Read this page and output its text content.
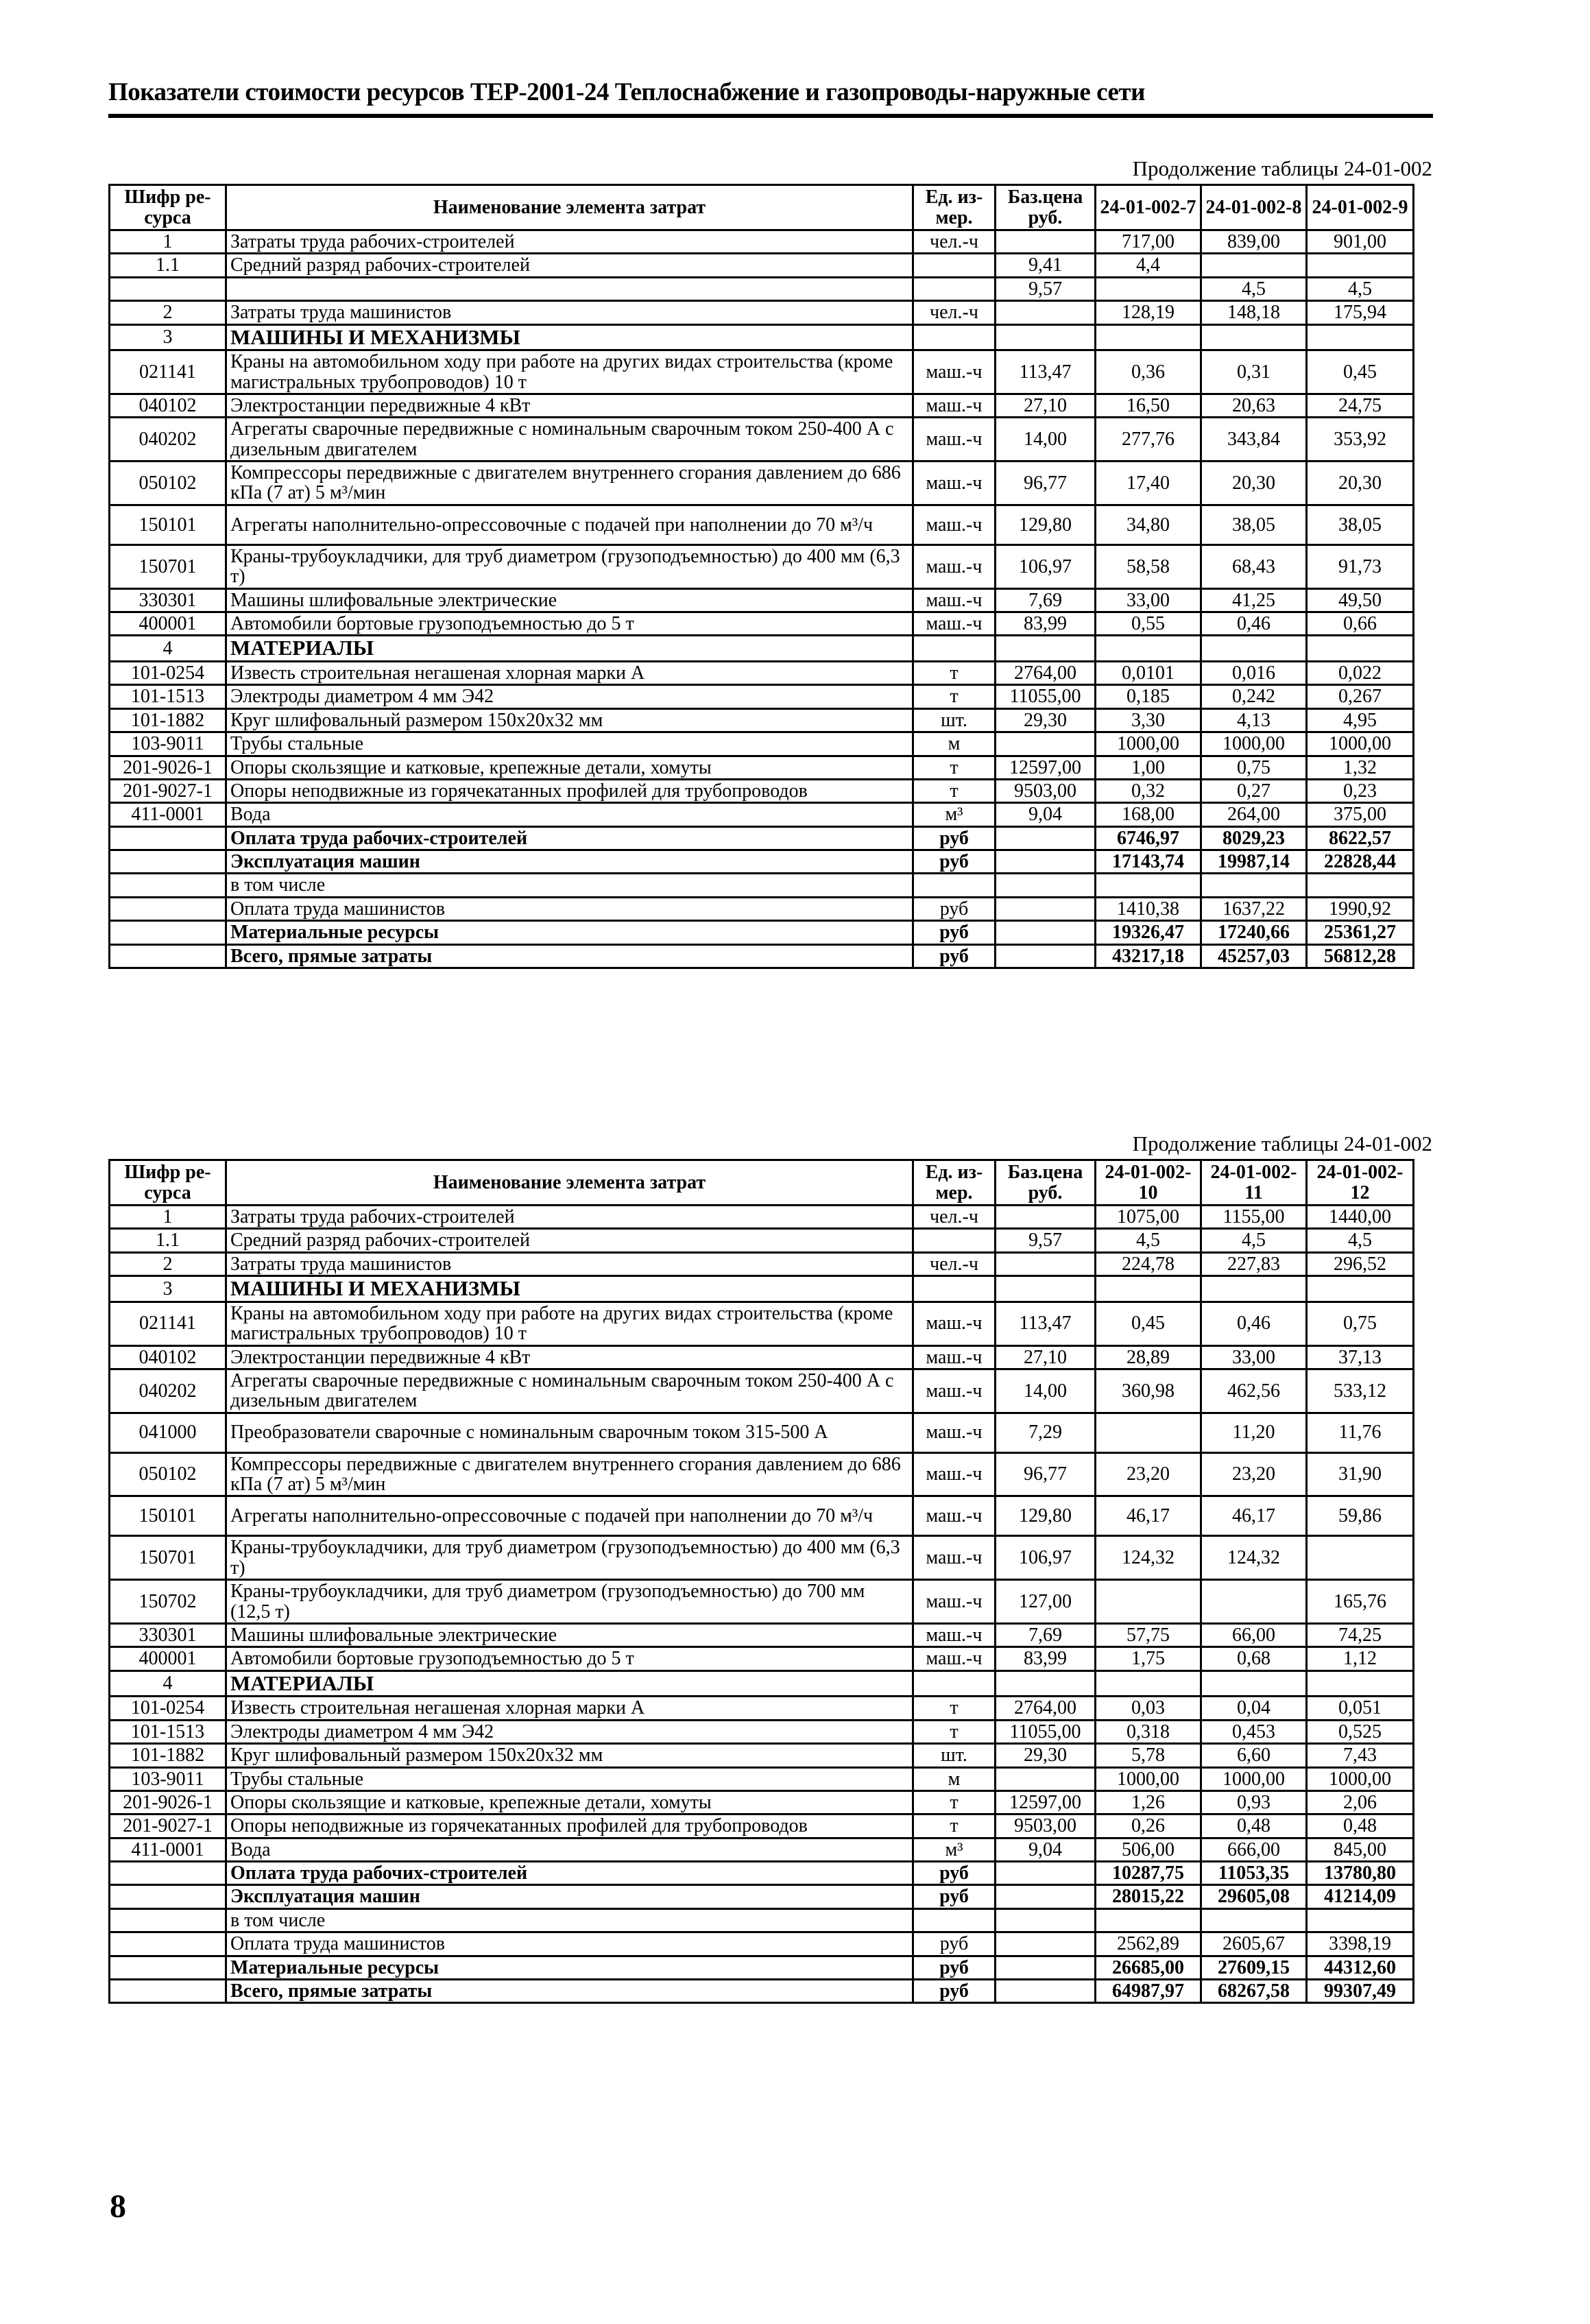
Показатели стоимости ресурсов ТЕР-2001-24 Теплоснабжение и газопроводы-наружные сети
Продолжение таблицы 24-01-002
Шифр ре-сурса	Наименование элемента затрат	Ед. из-мер.	Баз.цена руб.	24-01-002-7	24-01-002-8	24-01-002-9
1	Затраты труда рабочих-строителей	чел.-ч		717,00	839,00	901,00
1.1	Средний разряд рабочих-строителей		9,41	4,4		
			9,57		4,5	4,5
2	Затраты труда машинистов	чел.-ч		128,19	148,18	175,94
3	МАШИНЫ И МЕХАНИЗМЫ					
021141	Краны на автомобильном ходу при работе на других видах строительства (кроме магистральных трубопроводов) 10 т	маш.-ч	113,47	0,36	0,31	0,45
040102	Электростанции передвижные 4 кВт	маш.-ч	27,10	16,50	20,63	24,75
040202	Агрегаты сварочные передвижные с номинальным сварочным током 250-400 А с дизельным двигателем	маш.-ч	14,00	277,76	343,84	353,92
050102	Компрессоры передвижные с двигателем внутреннего сгорания давлением до 686 кПа (7 ат) 5 м³/мин	маш.-ч	96,77	17,40	20,30	20,30
150101	Агрегаты наполнительно-опрессовочные с подачей при наполнении до 70 м³/ч	маш.-ч	129,80	34,80	38,05	38,05
150701	Краны-трубоукладчики, для труб диаметром (грузоподъемностью) до 400 мм (6,3 т)	маш.-ч	106,97	58,58	68,43	91,73
330301	Машины шлифовальные электрические	маш.-ч	7,69	33,00	41,25	49,50
400001	Автомобили бортовые грузоподъемностью до 5 т	маш.-ч	83,99	0,55	0,46	0,66
4	МАТЕРИАЛЫ					
101-0254	Известь строительная негашеная хлорная марки А	т	2764,00	0,0101	0,016	0,022
101-1513	Электроды диаметром 4 мм Э42	т	11055,00	0,185	0,242	0,267
101-1882	Круг шлифовальный размером 150х20х32 мм	шт.	29,30	3,30	4,13	4,95
103-9011	Трубы стальные	м		1000,00	1000,00	1000,00
201-9026-1	Опоры скользящие и катковые, крепежные детали, хомуты	т	12597,00	1,00	0,75	1,32
201-9027-1	Опоры неподвижные из горячекатанных профилей для трубопроводов	т	9503,00	0,32	0,27	0,23
411-0001	Вода	м³	9,04	168,00	264,00	375,00
	Оплата труда рабочих-строителей	руб		6746,97	8029,23	8622,57
	Эксплуатация машин	руб		17143,74	19987,14	22828,44
	в том числе					
	Оплата труда машинистов	руб		1410,38	1637,22	1990,92
	Материальные ресурсы	руб		19326,47	17240,66	25361,27
	Всего, прямые затраты	руб		43217,18	45257,03	56812,28
Продолжение таблицы 24-01-002
Шифр ре-сурса	Наименование элемента затрат	Ед. из-мер.	Баз.цена руб.	24-01-002-10	24-01-002-11	24-01-002-12
1	Затраты труда рабочих-строителей	чел.-ч		1075,00	1155,00	1440,00
1.1	Средний разряд рабочих-строителей		9,57	4,5	4,5	4,5
2	Затраты труда машинистов	чел.-ч		224,78	227,83	296,52
3	МАШИНЫ И МЕХАНИЗМЫ					
021141	Краны на автомобильном ходу при работе на других видах строительства (кроме магистральных трубопроводов) 10 т	маш.-ч	113,47	0,45	0,46	0,75
040102	Электростанции передвижные 4 кВт	маш.-ч	27,10	28,89	33,00	37,13
040202	Агрегаты сварочные передвижные с номинальным сварочным током 250-400 А с дизельным двигателем	маш.-ч	14,00	360,98	462,56	533,12
041000	Преобразователи сварочные с номинальным сварочным током 315-500 А	маш.-ч	7,29		11,20	11,76
050102	Компрессоры передвижные с двигателем внутреннего сгорания давлением до 686 кПа (7 ат) 5 м³/мин	маш.-ч	96,77	23,20	23,20	31,90
150101	Агрегаты наполнительно-опрессовочные с подачей при наполнении до 70 м³/ч	маш.-ч	129,80	46,17	46,17	59,86
150701	Краны-трубоукладчики, для труб диаметром (грузоподъемностью) до 400 мм (6,3 т)	маш.-ч	106,97	124,32	124,32	
150702	Краны-трубоукладчики, для труб диаметром (грузоподъемностью) до 700 мм (12,5 т)	маш.-ч	127,00			165,76
330301	Машины шлифовальные электрические	маш.-ч	7,69	57,75	66,00	74,25
400001	Автомобили бортовые грузоподъемностью до 5 т	маш.-ч	83,99	1,75	0,68	1,12
4	МАТЕРИАЛЫ					
101-0254	Известь строительная негашеная хлорная марки А	т	2764,00	0,03	0,04	0,051
101-1513	Электроды диаметром 4 мм Э42	т	11055,00	0,318	0,453	0,525
101-1882	Круг шлифовальный размером 150х20х32 мм	шт.	29,30	5,78	6,60	7,43
103-9011	Трубы стальные	м		1000,00	1000,00	1000,00
201-9026-1	Опоры скользящие и катковые, крепежные детали, хомуты	т	12597,00	1,26	0,93	2,06
201-9027-1	Опоры неподвижные из горячекатанных профилей для трубопроводов	т	9503,00	0,26	0,48	0,48
411-0001	Вода	м³	9,04	506,00	666,00	845,00
	Оплата труда рабочих-строителей	руб		10287,75	11053,35	13780,80
	Эксплуатация машин	руб		28015,22	29605,08	41214,09
	в том числе					
	Оплата труда машинистов	руб		2562,89	2605,67	3398,19
	Материальные ресурсы	руб		26685,00	27609,15	44312,60
	Всего, прямые затраты	руб		64987,97	68267,58	99307,49
8
